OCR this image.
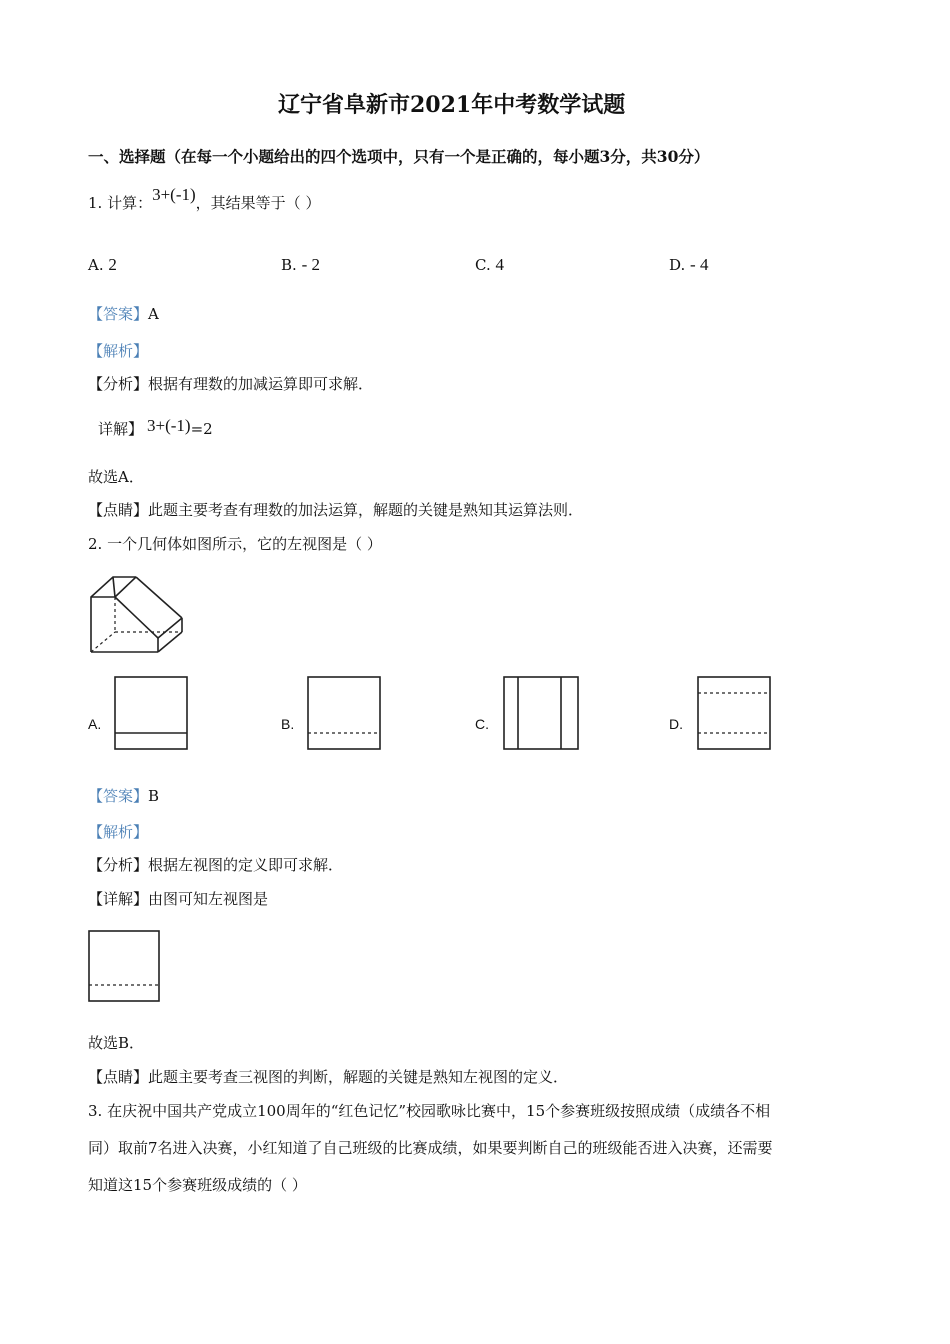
辽宁省阜新市2021年中考数学试题
一、选择题（在每一个小题给出的四个选项中，只有一个是正确的，每小题3分，共30分）
1. 计算：3+(-1)，其结果等于（ ）
A. 2	B. - 2	C. 4	D. - 4
【答案】A
【解析】
【分析】根据有理数的加减运算即可求解．
详解】 3+(-1)=2
故选A．
【点睛】此题主要考查有理数的加法运算，解题的关键是熟知其运算法则．
2. 一个几何体如图所示，它的左视图是（ ）
A.	B.	C.	D.
【答案】B
【解析】
【分析】根据左视图的定义即可求解．
【详解】由图可知左视图是
故选B．
【点睛】此题主要考查三视图的判断，解题的关键是熟知左视图的定义．
3. 在庆祝中国共产党成立100周年的“红色记忆”校园歌咏比赛中，15个参赛班级按照成绩（成绩各不相
同）取前7名进入决赛，小红知道了自己班级的比赛成绩，如果要判断自己的班级能否进入决赛，还需要
知道这15个参赛班级成绩的（ ）
